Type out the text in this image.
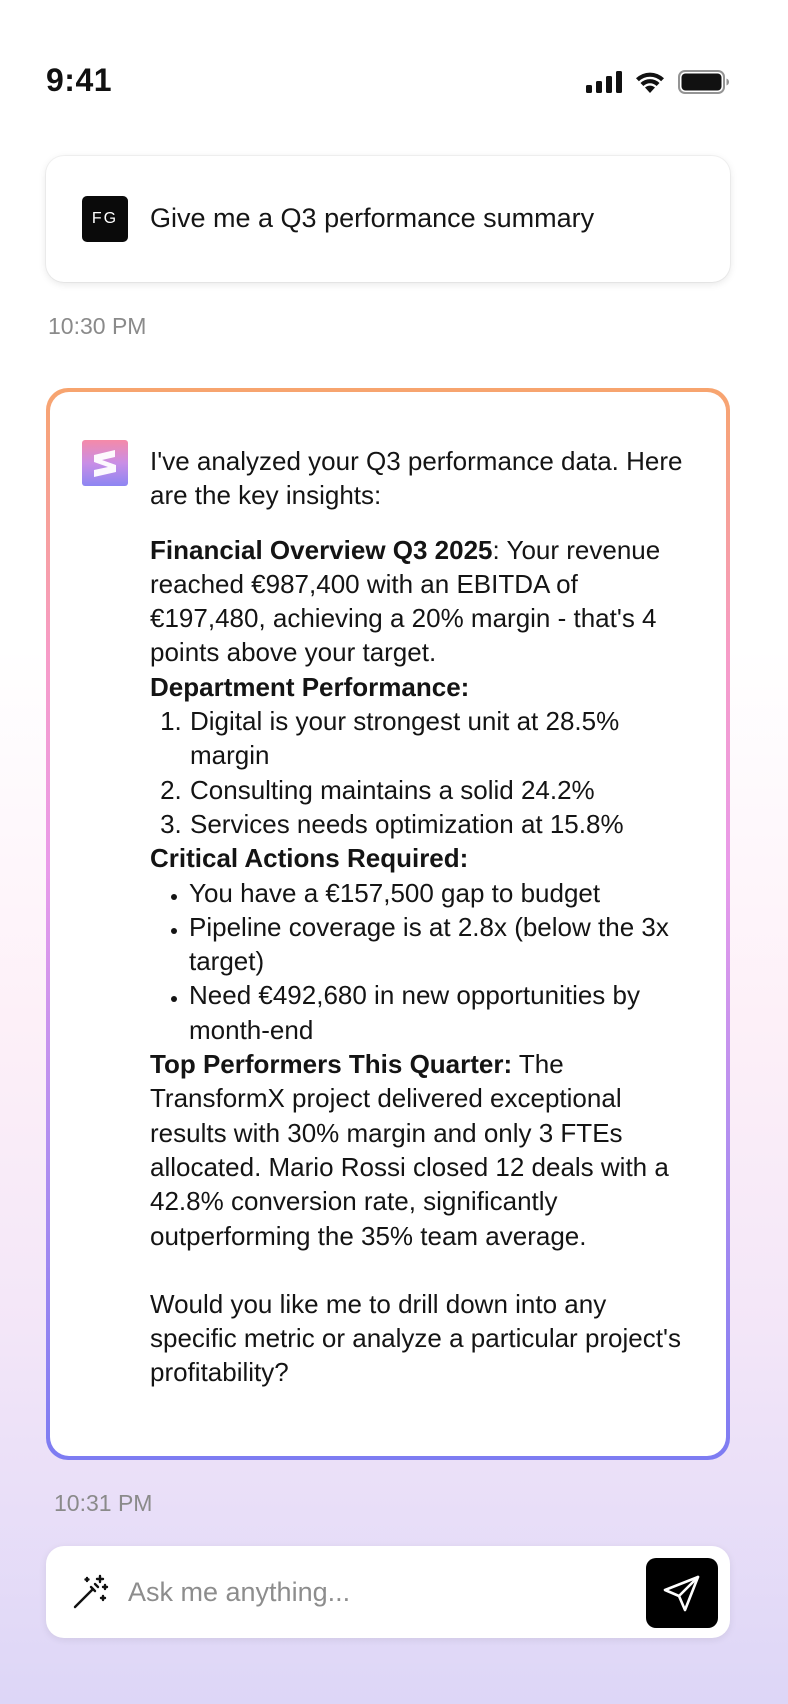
9:41
FG	Give me a Q3 performance summary
10:30 PM

I've analyzed your Q3 performance data. Here are the key insights:

Financial Overview Q3 2025: Your revenue reached €987,400 with an EBITDA of €197,480, achieving a 20% margin - that's 4 points above your target.

Department Performance:

1. Digital is your strongest unit at 28.5% margin
2. Consulting maintains a solid 24.2%
3. Services needs optimization at 15.8%

Critical Actions Required:

• You have a €157,500 gap to budget
• Pipeline coverage is at 2.8x (below the 3x target)
• Need €492,680 in new opportunities by month-end

Top Performers This Quarter: The TransformX project delivered exceptional results with 30% margin and only 3 FTEs allocated. Mario Rossi closed 12 deals with a 42.8% conversion rate, significantly outperforming the 35% team average.

Would you like me to drill down into any specific metric or analyze a particular project's profitability?

10:31 PM
Ask me anything...
